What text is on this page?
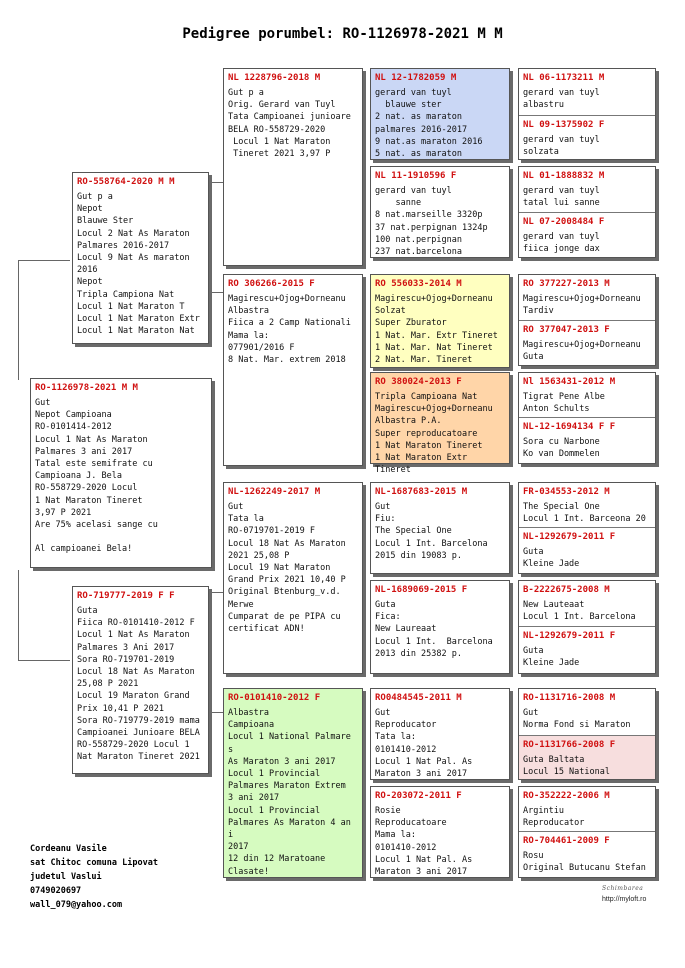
Pedigree porumbel: RO-1126978-2021 M M
RO-1126978-2021 M M
Gut
Nepot Campioana
RO-0101414-2012
Locul 1 Nat As Maraton
Palmares 3 ani 2017
Tatal este semifrate cu
Campioana J. Bela
RO-558729-2020 Locul
1 Nat Maraton Tineret
3,97 P 2021
Are 75% acelasi sange cu

Al campioanei Bela!
RO-558764-2020 M M
Gut p a
Nepot
Blauwe Ster
Locul 2 Nat As Maraton
Palmares 2016-2017
Locul 9 Nat As maraton
2016
Nepot
Tripla Campiona Nat
Locul 1 Nat Maraton T
Locul 1 Nat Maraton Extr
Locul 1 Nat Maraton Nat
RO-719777-2019 F F
Guta
Fiica RO-0101410-2012 F
Locul 1 Nat As Maraton
Palmares 3 Ani 2017
Sora RO-719701-2019
Locul 18 Nat As Maraton
25,08 P 2021
Locul 19 Maraton Grand
Prix 10,41 P 2021
Sora RO-719779-2019 mama
Campioanei Junioare BELA
RO-558729-2020 Locul 1
Nat Maraton Tineret 2021
NL 1228796-2018 M
Gut p a
Orig. Gerard van Tuyl
Tata Campioanei junioare
BELA RO-558729-2020
Locul 1 Nat Maraton
Tineret 2021 3,97 P
RO 306266-2015 F
Magirescu+Ojog+Dorneanu
Albastra
Fiica a 2 Camp Nationali
Mama la:
077901/2016 F
8 Nat. Mar. extrem 2018
NL-1262249-2017 M
Gut
Tata la
RO-0719701-2019 F
Locul 18 Nat As Maraton
2021 25,08 P
Locul 19 Nat Maraton
Grand Prix 2021 10,40 P
Original Btenburg_v.d.
Merwe
Cumparat de pe PIPA cu
certificat ADN!
RO-0101410-2012 F
Albastra
Campioana
Locul 1 National Palmare
s
As Maraton 3 ani 2017
Locul 1 Provincial
Palmares Maraton Extrem
3 ani 2017
Locul 1 Provincial
Palmares As Maraton 4 an
i
2017
12 din 12 Maratoane
Clasate!
NL 12-1782059 M
gerard van tuyl
blauwe ster
2 nat. as maraton
palmares 2016-2017
9 nat.as maraton 2016
5 nat. as maraton
NL 11-1910596 F
gerard van tuyl
sanne
8 nat.marseille 3320p
37 nat.perpignan 1324p
100 nat.perpignan
237 nat.barcelona
RO 556033-2014 M
Magirescu+Ojog+Dorneanu
Solzat
Super Zburator
1 Nat. Mar. Extr Tineret
1 Nat. Mar. Nat Tineret
2 Nat. Mar. Tineret
RO 380024-2013 F
Tripla Campioana Nat
Magirescu+Ojog+Dorneanu
Albastra P.A.
Super reproducatoare
1 Nat Maraton Tineret
1 Nat Maraton Extr Tineret
NL-1687683-2015 M
Gut
Fiu:
The Special One
Locul 1 Int. Barcelona
2015 din 19083 p.
NL-1689069-2015 F
Guta
Fica:
New Laureaat
Locul 1 Int.  Barcelona
2013 din 25382 p.
RO0484545-2011 M
Gut
Reproducator
Tata la:
0101410-2012
Locul 1 Nat Pal. As
Maraton 3 ani 2017
RO-203072-2011 F
Rosie
Reproducatoare
Mama la:
0101410-2012
Locul 1 Nat Pal. As
Maraton 3 ani 2017
NL 06-1173211 M
gerard van tuyl
albastru
NL 09-1375902 F
gerard van tuyl
solzata
NL 01-1888832 M
gerard van tuyl
tatal lui sanne
NL 07-2008484 F
gerard van tuyl
fiica jonge dax
RO 377227-2013 M
Magirescu+Ojog+Dorneanu
Tardiv
RO 377047-2013 F
Magirescu+Ojog+Dorneanu
Guta
Nl 1563431-2012 M
Tigrat Pene Albe
Anton Schults
NL-12-1694134 F F
Sora cu Narbone
Ko van Dommelen
FR-034553-2012 M
The Special One
Locul 1 Int. Barceona 20
NL-1292679-2011 F
Guta
Kleine Jade
B-2222675-2008 M
New Lauteaat
Locul 1 Int. Barcelona
NL-1292679-2011 F
Guta
Kleine Jade
RO-1131716-2008 M
Gut
Norma Fond si Maraton
RO-1131766-2008 F
Guta Baltata
Locul 15 National
RO-352222-2006 M
Argintiu
Reproducator
RO-704461-2009 F
Rosu
Original Butucanu Stefan
Cordeanu Vasile
sat Chitoc comuna Lipovat
judetul Vaslui
0749020697
wall_079@yahoo.com
Schimbarea
http://myloft.ro
